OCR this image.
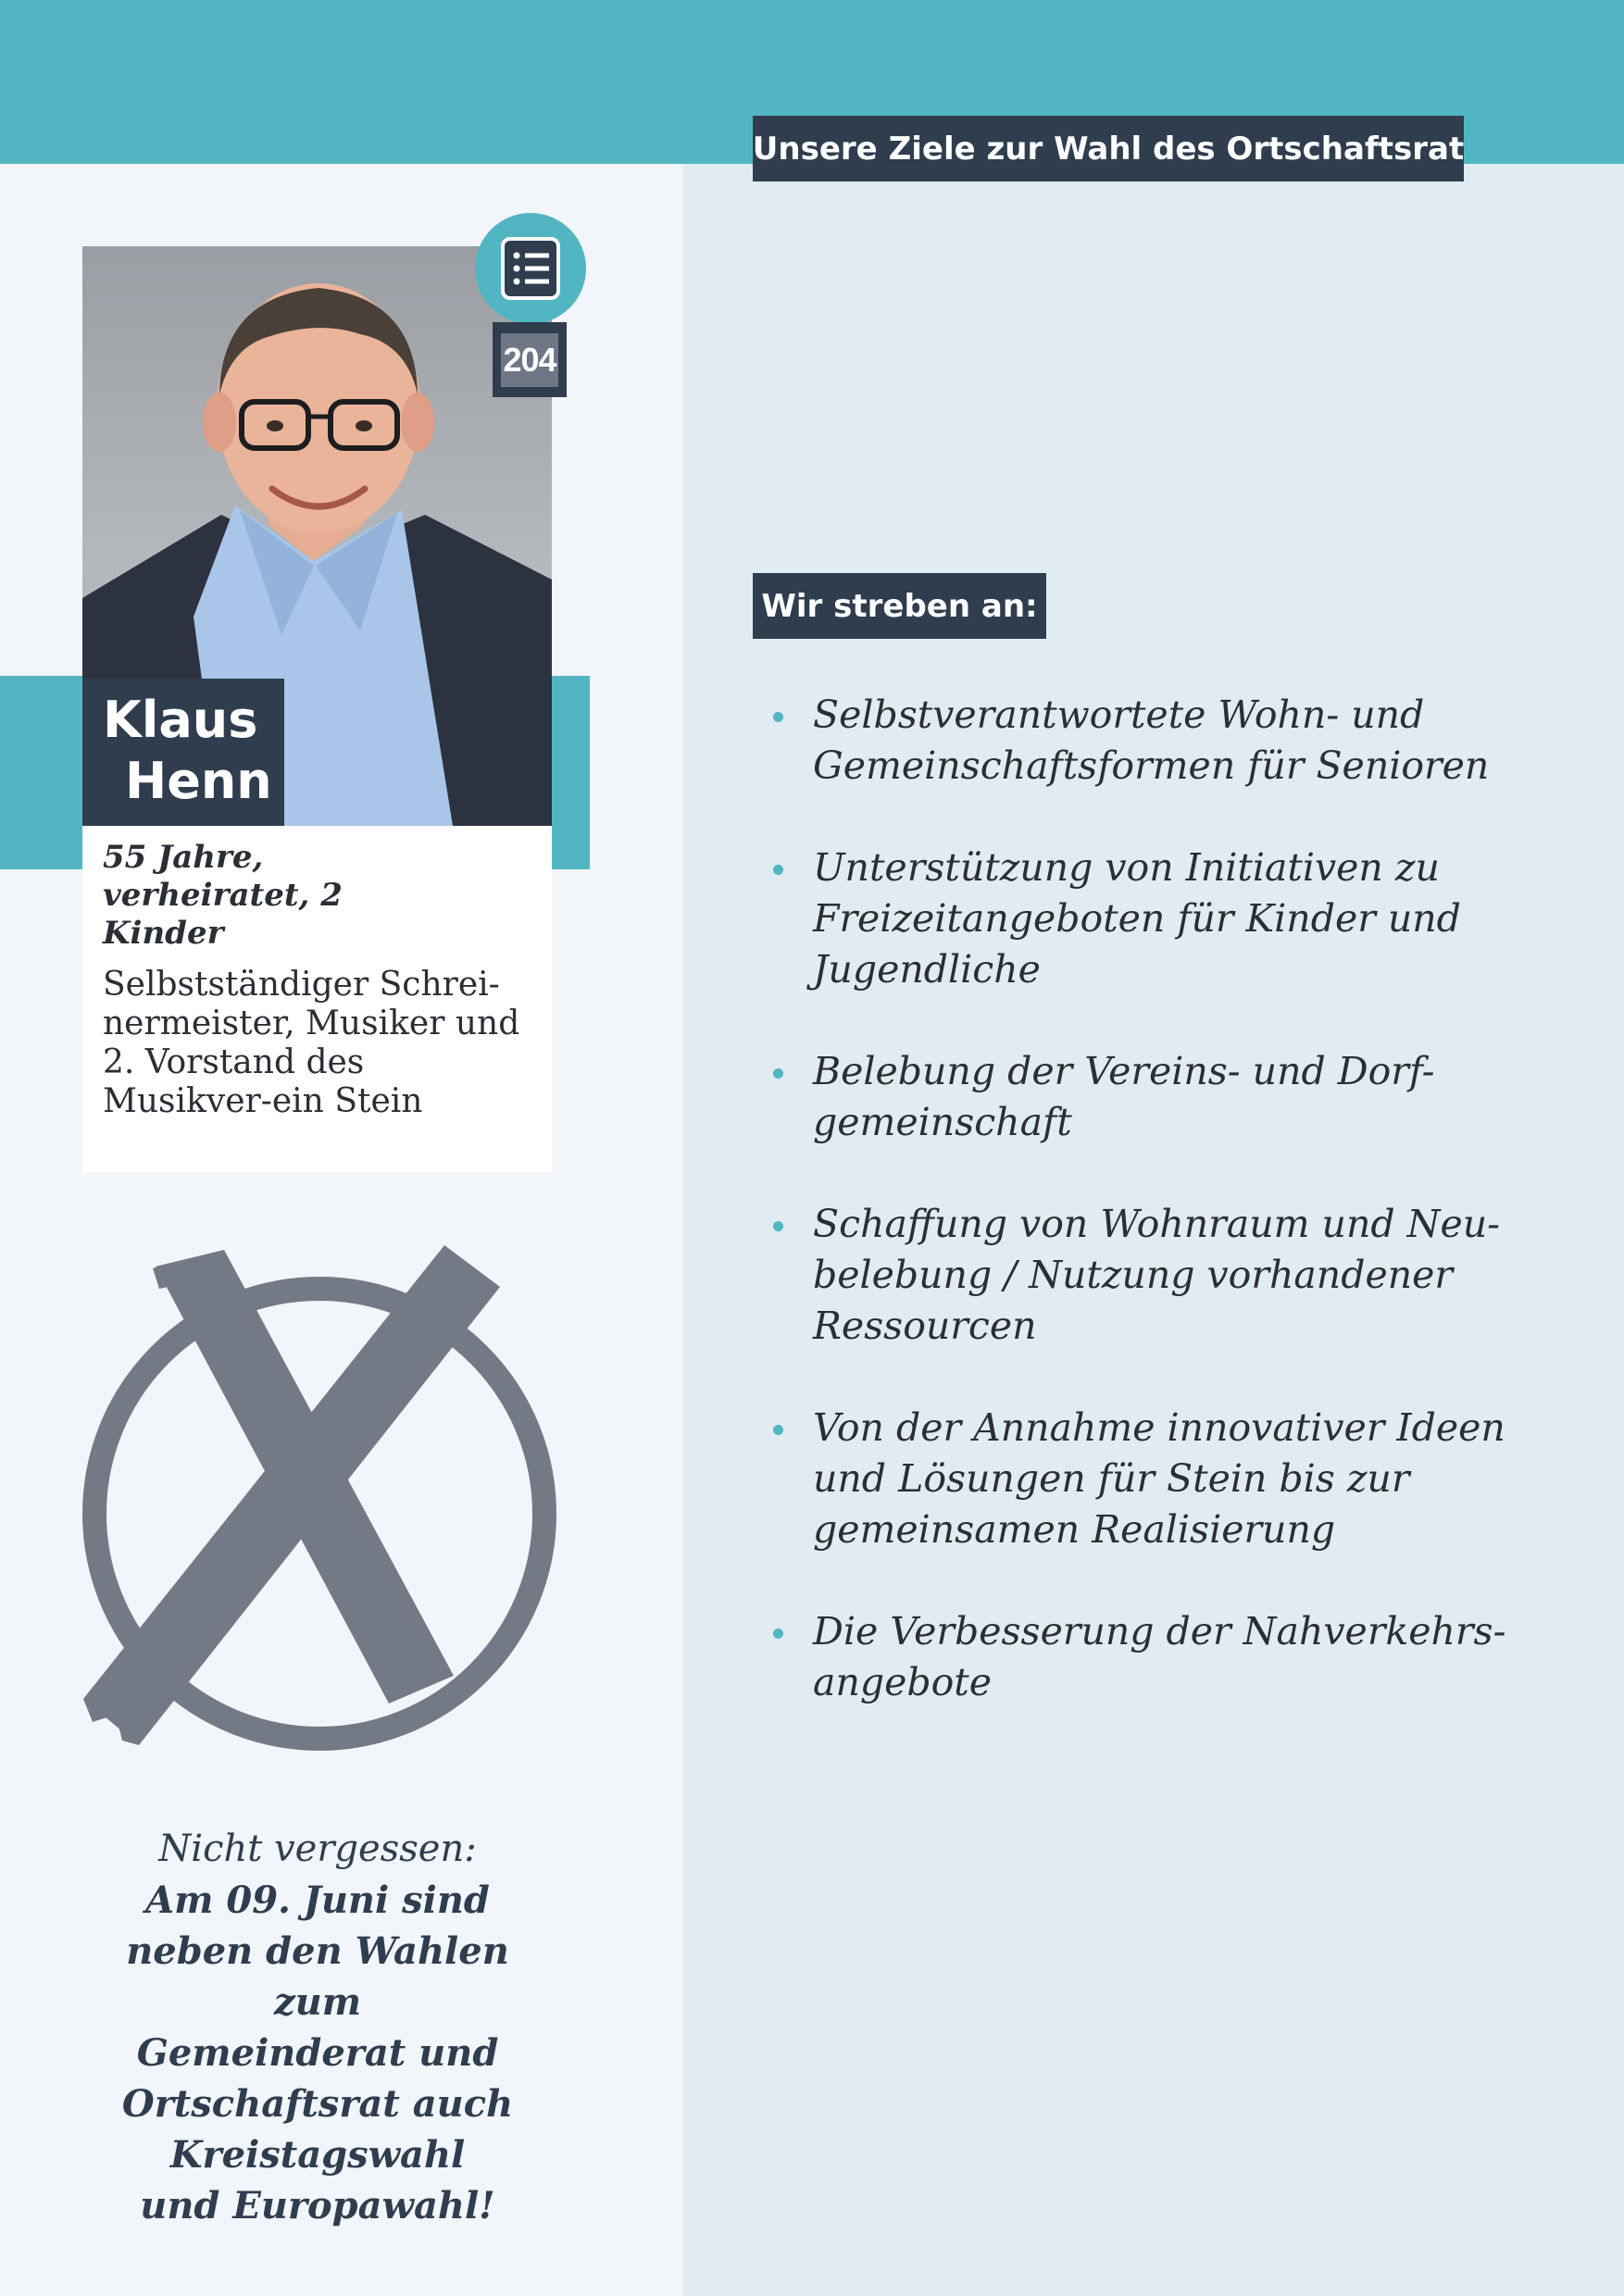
Unsere Ziele zur Wahl des Ortschaftsrat
Klaus
Henn
204

55 Jahre, verheiratet, 2 Kinder

Selbstständiger Schrei-nermeister, Musiker und 2. Vorstand des Musikver-ein Stein

Nicht vergessen:
Am 09. Juni sind
neben den Wahlen zum
Gemeinderat und
Ortschaftsrat auch
Kreistagswahl
und Europawahl!
Wir streben an:
Selbstverantwortete Wohn- und Gemeinschaftsformen für Senioren
Unterstützung von Initiativen zu Freizeitangeboten für Kinder und Jugendliche
Belebung der Vereins- und Dorf-gemeinschaft
Schaffung von Wohnraum und Neu-belebung / Nutzung vorhandener Ressourcen
Von der Annahme innovativer Ideen und Lösungen für Stein bis zur gemeinsamen Realisierung
Die Verbesserung der Nahverkehrs-angebote
